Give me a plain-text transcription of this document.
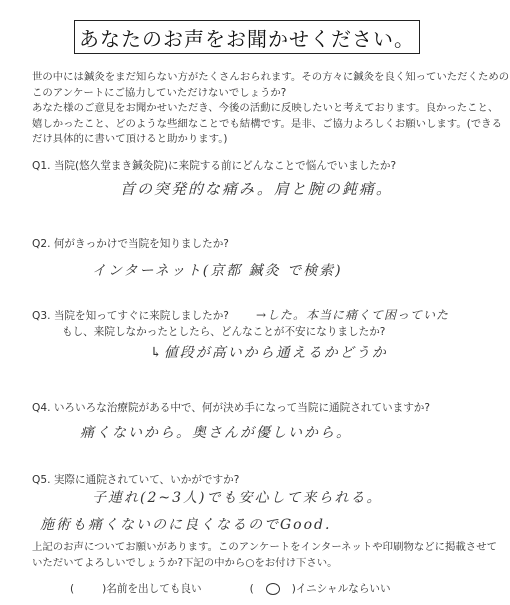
あなたのお声をお聞かせください。
世の中には鍼灸をまだ知らない方がたくさんおられます。その方々に鍼灸を良く知っていただくための
このアンケートにご協力していただけないでしょうか?
あなた様のご意見をお聞かせいただき、今後の活動に反映したいと考えております。良かったこと、
嬉しかったこと、どのような些細なことでも結構です。是非、ご協力よろしくお願いします。(できる
だけ具体的に書いて頂けると助かります。)
Q1. 当院(悠久堂まき鍼灸院)に来院する前にどんなことで悩んでいましたか?
首の突発的な痛み。肩と腕の鈍痛。
Q2. 何がきっかけで当院を知りましたか?
インターネット(京都 鍼灸 で検索)
Q3. 当院を知ってすぐに来院しましたか? →した。本当に痛くて困っていた
もし、来院しなかったとしたら、どんなことが不安になりましたか?
↳値段が高いから通えるかどうか
Q4. いろいろな治療院がある中で、何が決め手になって当院に通院されていますか?
痛くないから。奥さんが優しいから。
Q5. 実際に通院されていて、いかがですか?
子連れ(2~3人)でも安心して来られる。
施術も痛くないのに良くなるのでGood.
上記のお声についてお願いがあります。このアンケートをインターネットや印刷物などに掲載させて
いただいてよろしいでしょうか?下記の中から○をお付け下さい。
(	) 名前を出しても良い	( ○ ) イニシャルならいい
